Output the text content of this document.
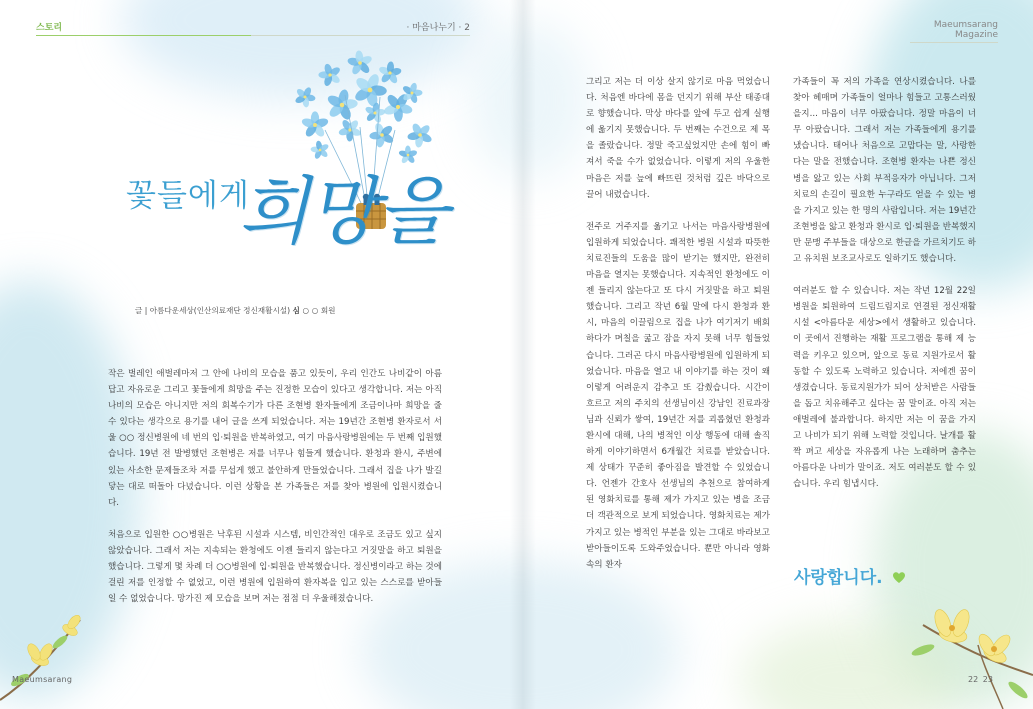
스토리	· 마음나누기 · 2	Maeumsarang Magazine
꽃들에게
희망을
글 | 아름다운세상(인산의료재단 정신재활시설) 심 ○ ○ 회원

작은 벌레인 애벌레마저 그 안에 나비의 모습을 품고 있듯이, 우리 인간도 나비같이 아름답고 자유로운 그리고 꽃들에게 희망을 주는 진정한 모습이 있다고 생각합니다. 저는 아직 나비의 모습은 아니지만 저의 회복수기가 다른 조현병 환자들에게 조금이나마 희망을 줄 수 있다는 생각으로 용기를 내어 글을 쓰게 되었습니다. 저는 19년간 조현병 환자로서 서울 ○○ 정신병원에 네 번의 입·퇴원을 반복하였고, 여기 마음사랑병원에는 두 번째 입원했습니다. 19년 전 발병했던 조현병은 저를 너무나 힘들게 했습니다. 환청과 환시, 주변에 있는 사소한 문제들조차 저를 무섭게 했고 불안하게 만들었습니다. 그래서 집을 나가 발길 닿는 대로 떠돌아 다녔습니다. 이런 상황을 본 가족들은 저를 찾아 병원에 입원시켰습니다.

처음으로 입원한 ○○병원은 낙후된 시설과 시스템, 비인간적인 대우로 조금도 있고 싶지 않았습니다. 그래서 저는 지속되는 환청에도 이젠 들리지 않는다고 거짓말을 하고 퇴원을 했습니다. 그렇게 몇 차례 더 ○○병원에 입·퇴원을 반복했습니다. 정신병이라고 하는 것에 걸린 저를 인정할 수 없었고, 이런 병원에 입원하여 환자복을 입고 있는 스스로를 받아들일 수 없었습니다. 망가진 제 모습을 보며 저는 점점 더 우울해졌습니다.

그리고 저는 더 이상 살지 않기로 마음 먹었습니다. 처음엔 바다에 몸을 던지기 위해 부산 태종대로 향했습니다. 막상 바다를 앞에 두고 쉽게 실행에 옮기지 못했습니다. 두 번째는 수건으로 제 목을 졸랐습니다. 정말 죽고싶었지만 손에 힘이 빠져서 죽을 수가 없었습니다. 이렇게 저의 우울한 마음은 저를 늪에 빠뜨린 것처럼 깊은 바닥으로 끌어 내렸습니다.

전주로 거주지를 옮기고 나서는 마음사랑병원에 입원하게 되었습니다. 쾌적한 병원 시설과 따뜻한 치료진들의 도움을 많이 받기는 했지만, 완전히 마음을 열지는 못했습니다. 지속적인 환청에도 이젠 들리지 않는다고 또 다시 거짓말을 하고 퇴원했습니다. 그리고 작년 6월 말에 다시 환청과 환시, 마음의 이끌림으로 집을 나가 여기저기 배회하다가 며칠을 굶고 잠을 자지 못해 너무 힘들었습니다. 그러곤 다시 마음사랑병원에 입원하게 되었습니다. 마음을 열고 내 이야기를 하는 것이 왜 이렇게 어려운지 감추고 또 감췄습니다. 시간이 흐르고 저의 주치의 선생님이신 강남인 진료과장님과 신뢰가 쌓여, 19년간 저를 괴롭혔던 환청과 환시에 대해, 나의 병적인 이상 행동에 대해 솔직하게 이야기하면서 6개월간 치료를 받았습니다. 제 상태가 꾸준히 좋아짐을 발견할 수 있었습니다. 언젠가 간호사 선생님의 추천으로 참여하게 된 영화치료를 통해 제가 가지고 있는 병을 조금 더 객관적으로 보게 되었습니다. 영화치료는 제가 가지고 있는 병적인 부분을 있는 그대로 바라보고 받아들이도록 도와주었습니다. 뿐만 아니라 영화 속의 환자

가족들이 꼭 저의 가족을 연상시켰습니다. 나를 찾아 헤매며 가족들이 얼마나 힘들고 고통스러웠을지... 마음이 너무 아팠습니다. 정말 마음이 너무 아팠습니다. 그래서 저는 가족들에게 용기를 냈습니다. 태어나 처음으로 고맙다는 말, 사랑한다는 말을 전했습니다. 조현병 환자는 나쁜 정신병을 앓고 있는 사회 부적응자가 아닙니다. 그저 치료의 손길이 필요한 누구라도 얻을 수 있는 병을 가지고 있는 한 명의 사람입니다. 저는 19년간 조현병을 앓고 환청과 환시로 입·퇴원을 반복했지만 문맹 주부들을 대상으로 한글을 가르치기도 하고 유치원 보조교사로도 일하기도 했습니다.

여러분도 할 수 있습니다. 저는 작년 12월 22일 병원을 퇴원하여 드림드림지로 연결된 정신재활시설 <아름다운 세상>에서 생활하고 있습니다. 이 곳에서 진행하는 재활 프로그램을 통해 제 능력을 키우고 있으며, 앞으로 동료 지원가로서 활동할 수 있도록 노력하고 있습니다. 저에겐 꿈이 생겼습니다. 동료지원가가 되어 상처받은 사람들을 돕고 치유해주고 싶다는 꿈 말이죠. 아직 저는 애벌레에 불과합니다. 하지만 저는 이 꿈을 가지고 나비가 되기 위해 노력할 것입니다. 날개를 활짝 펴고 세상을 자유롭게 나는 노래하며 춤추는 아름다운 나비가 말이죠. 저도 여러분도 할 수 있습니다. 우리 힘냅시다.

사랑합니다.
Maeumsarang	22 23
